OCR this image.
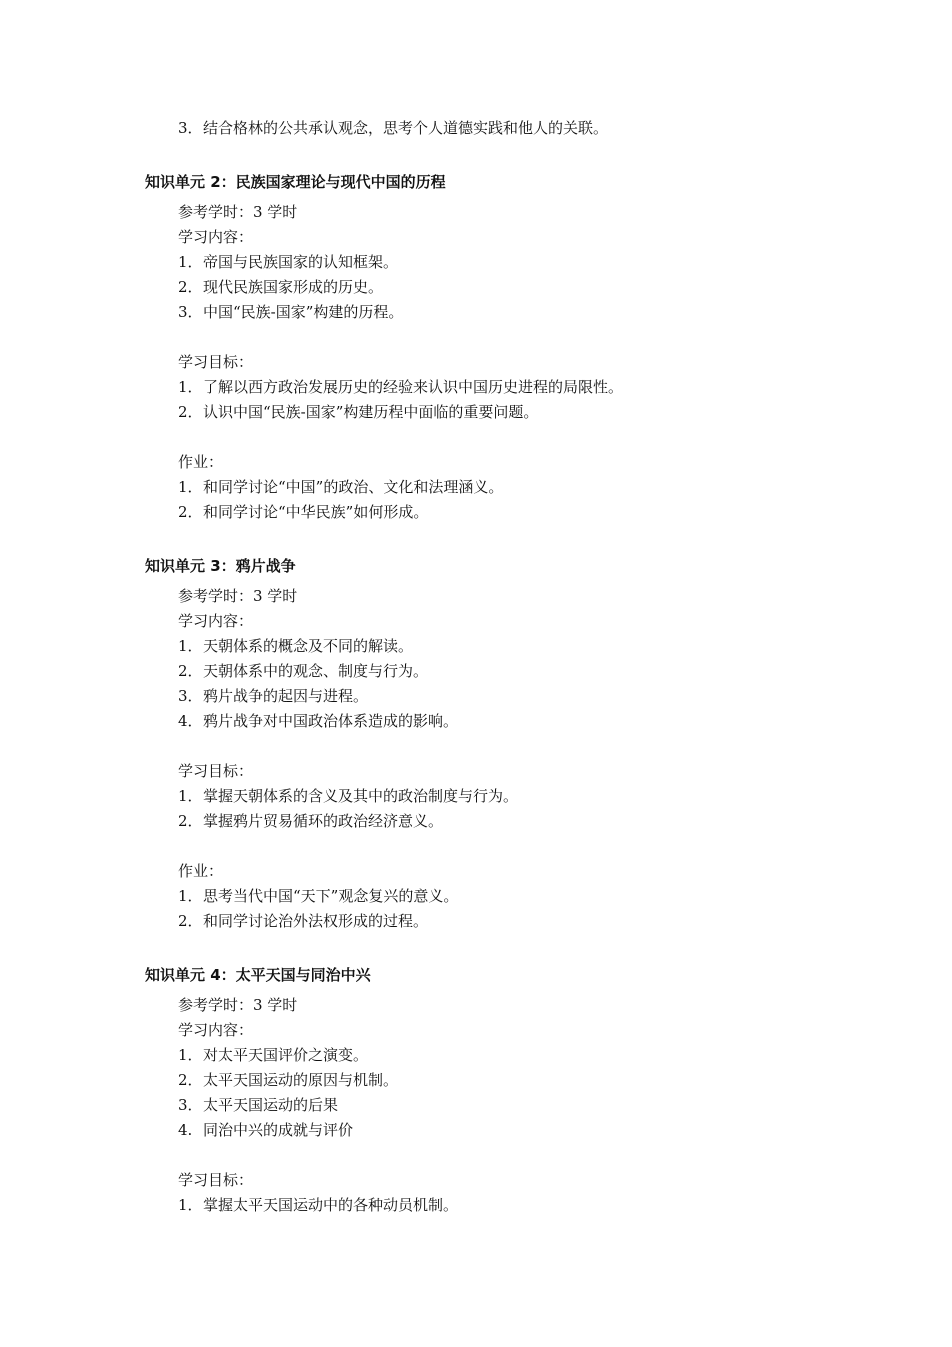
3．结合格林的公共承认观念，思考个人道德实践和他人的关联。
知识单元 2：民族国家理论与现代中国的历程
参考学时：3 学时
学习内容：
1．帝国与民族国家的认知框架。
2．现代民族国家形成的历史。
3．中国“民族-国家”构建的历程。
学习目标：
1．了解以西方政治发展历史的经验来认识中国历史进程的局限性。
2．认识中国“民族-国家”构建历程中面临的重要问题。
作业：
1．和同学讨论“中国”的政治、文化和法理涵义。
2．和同学讨论“中华民族”如何形成。
知识单元 3：鸦片战争
参考学时：3 学时
学习内容：
1．天朝体系的概念及不同的解读。
2．天朝体系中的观念、制度与行为。
3．鸦片战争的起因与进程。
4．鸦片战争对中国政治体系造成的影响。
学习目标：
1．掌握天朝体系的含义及其中的政治制度与行为。
2．掌握鸦片贸易循环的政治经济意义。
作业：
1．思考当代中国“天下”观念复兴的意义。
2．和同学讨论治外法权形成的过程。
知识单元 4：太平天国与同治中兴
参考学时：3 学时
学习内容：
1．对太平天国评价之演变。
2．太平天国运动的原因与机制。
3．太平天国运动的后果
4. 同治中兴的成就与评价
学习目标：
1．掌握太平天国运动中的各种动员机制。
